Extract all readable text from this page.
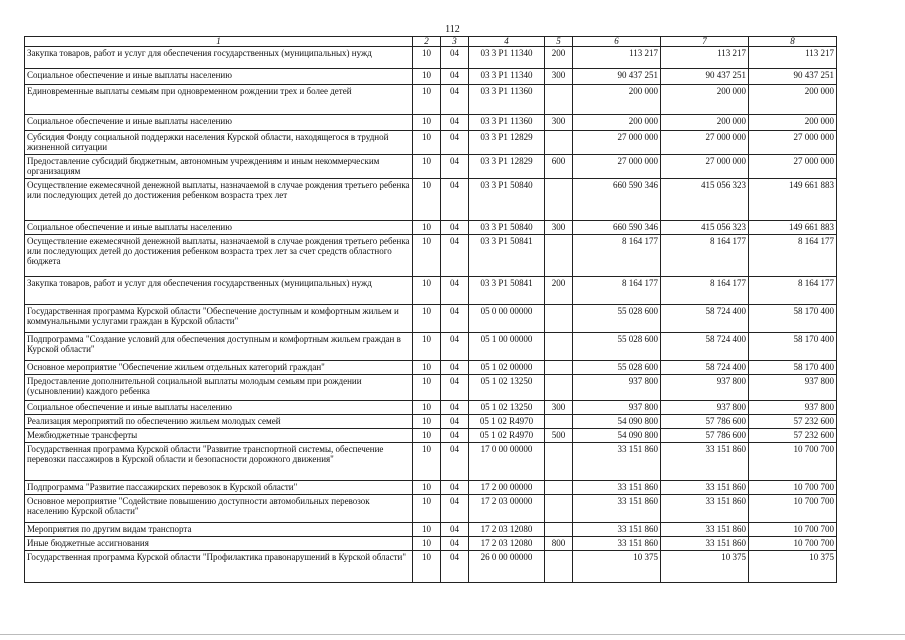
112
1	2	3	4	5	6	7	8
Закупка товаров, работ и услуг для обеспечения государственных (муниципальных) нужд	10	04	03 3 P1 11340	200	113 217	113 217	113 217
Социальное обеспечение и иные выплаты населению	10	04	03 3 P1 11340	300	90 437 251	90 437 251	90 437 251
Единовременные выплаты семьям при одновременном рождении трех и более детей	10	04	03 3 P1 11360		200 000	200 000	200 000
Социальное обеспечение и иные выплаты населению	10	04	03 3 P1 11360	300	200 000	200 000	200 000
Субсидия Фонду социальной поддержки населения Курской области, находящегося в трудной жизненной ситуации	10	04	03 3 P1 12829		27 000 000	27 000 000	27 000 000
Предоставление субсидий бюджетным, автономным учреждениям и иным некоммерческим организациям	10	04	03 3 P1 12829	600	27 000 000	27 000 000	27 000 000
Осуществление ежемесячной денежной выплаты, назначаемой в случае рождения третьего ребенка или последующих детей до достижения ребенком возраста трех лет	10	04	03 3 P1 50840		660 590 346	415 056 323	149 661 883
Социальное обеспечение и иные выплаты населению	10	04	03 3 P1 50840	300	660 590 346	415 056 323	149 661 883
Осуществление ежемесячной денежной выплаты, назначаемой в случае рождения третьего ребенка или последующих детей до достижения ребенком возраста трех лет за счет средств областного бюджета	10	04	03 3 P1 50841		8 164 177	8 164 177	8 164 177
Закупка товаров, работ и услуг для обеспечения государственных (муниципальных) нужд	10	04	03 3 P1 50841	200	8 164 177	8 164 177	8 164 177
Государственная программа Курской области "Обеспечение доступным и комфортным жильем и коммунальными услугами граждан в Курской области"	10	04	05 0 00 00000		55 028 600	58 724 400	58 170 400
Подпрограмма "Создание условий для обеспечения доступным и комфортным жильем граждан в Курской области"	10	04	05 1 00 00000		55 028 600	58 724 400	58 170 400
Основное мероприятие "Обеспечение жильем отдельных категорий граждан"	10	04	05 1 02 00000		55 028 600	58 724 400	58 170 400
Предоставление дополнительной социальной выплаты молодым семьям при рождении (усыновлении) каждого ребенка	10	04	05 1 02 13250		937 800	937 800	937 800
Социальное обеспечение и иные выплаты населению	10	04	05 1 02 13250	300	937 800	937 800	937 800
Реализация мероприятий по обеспечению жильем молодых семей	10	04	05 1 02 R4970		54 090 800	57 786 600	57 232 600
Межбюджетные трансферты	10	04	05 1 02 R4970	500	54 090 800	57 786 600	57 232 600
Государственная программа Курской области "Развитие транспортной системы, обеспечение перевозки пассажиров в Курской области и безопасности дорожного движения"	10	04	17 0 00 00000		33 151 860	33 151 860	10 700 700
Подпрограмма "Развитие пассажирских перевозок в Курской области"	10	04	17 2 00 00000		33 151 860	33 151 860	10 700 700
Основное мероприятие "Содействие повышению доступности автомобильных перевозок населению Курской области"	10	04	17 2 03 00000		33 151 860	33 151 860	10 700 700
Мероприятия по другим видам транспорта	10	04	17 2 03 12080		33 151 860	33 151 860	10 700 700
Иные бюджетные ассигнования	10	04	17 2 03 12080	800	33 151 860	33 151 860	10 700 700
Государственная программа Курской области "Профилактика правонарушений в Курской области"	10	04	26 0 00 00000		10 375	10 375	10 375
